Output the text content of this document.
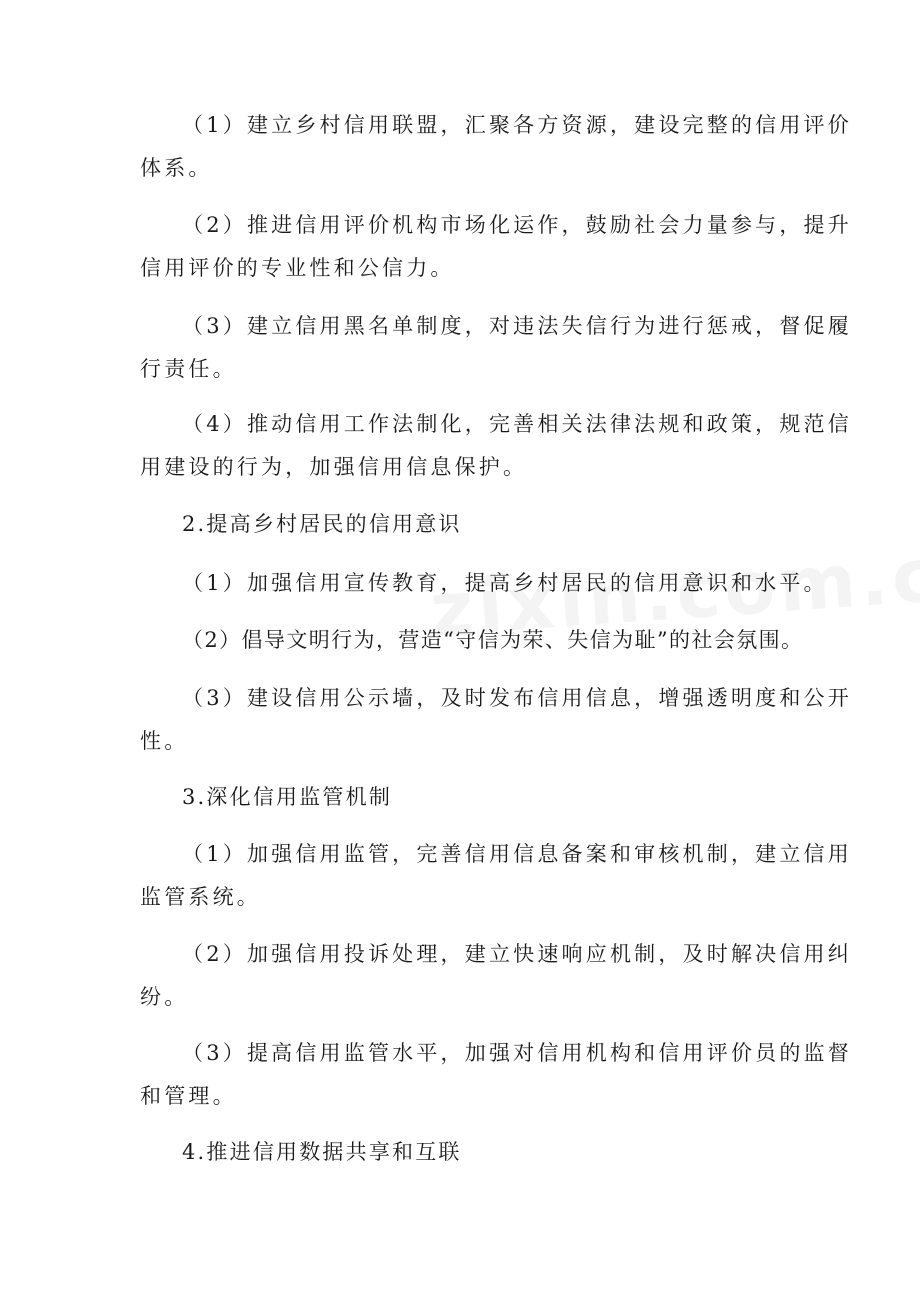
（1）建立乡村信用联盟，汇聚各方资源，建设完整的信用评价
体系。
（2）推进信用评价机构市场化运作，鼓励社会力量参与，提升
信用评价的专业性和公信力。
（3）建立信用黑名单制度，对违法失信行为进行惩戒，督促履
行责任。
（4）推动信用工作法制化，完善相关法律法规和政策，规范信
用建设的行为，加强信用信息保护。
2.提高乡村居民的信用意识
（1）加强信用宣传教育，提高乡村居民的信用意识和水平。
（2）倡导文明行为，营造“守信为荣、失信为耻”的社会氛围。
（3）建设信用公示墙，及时发布信用信息，增强透明度和公开
性。
3.深化信用监管机制
（1）加强信用监管，完善信用信息备案和审核机制，建立信用
监管系统。
（2）加强信用投诉处理，建立快速响应机制，及时解决信用纠
纷。
（3）提高信用监管水平，加强对信用机构和信用评价员的监督
和管理。
4.推进信用数据共享和互联
